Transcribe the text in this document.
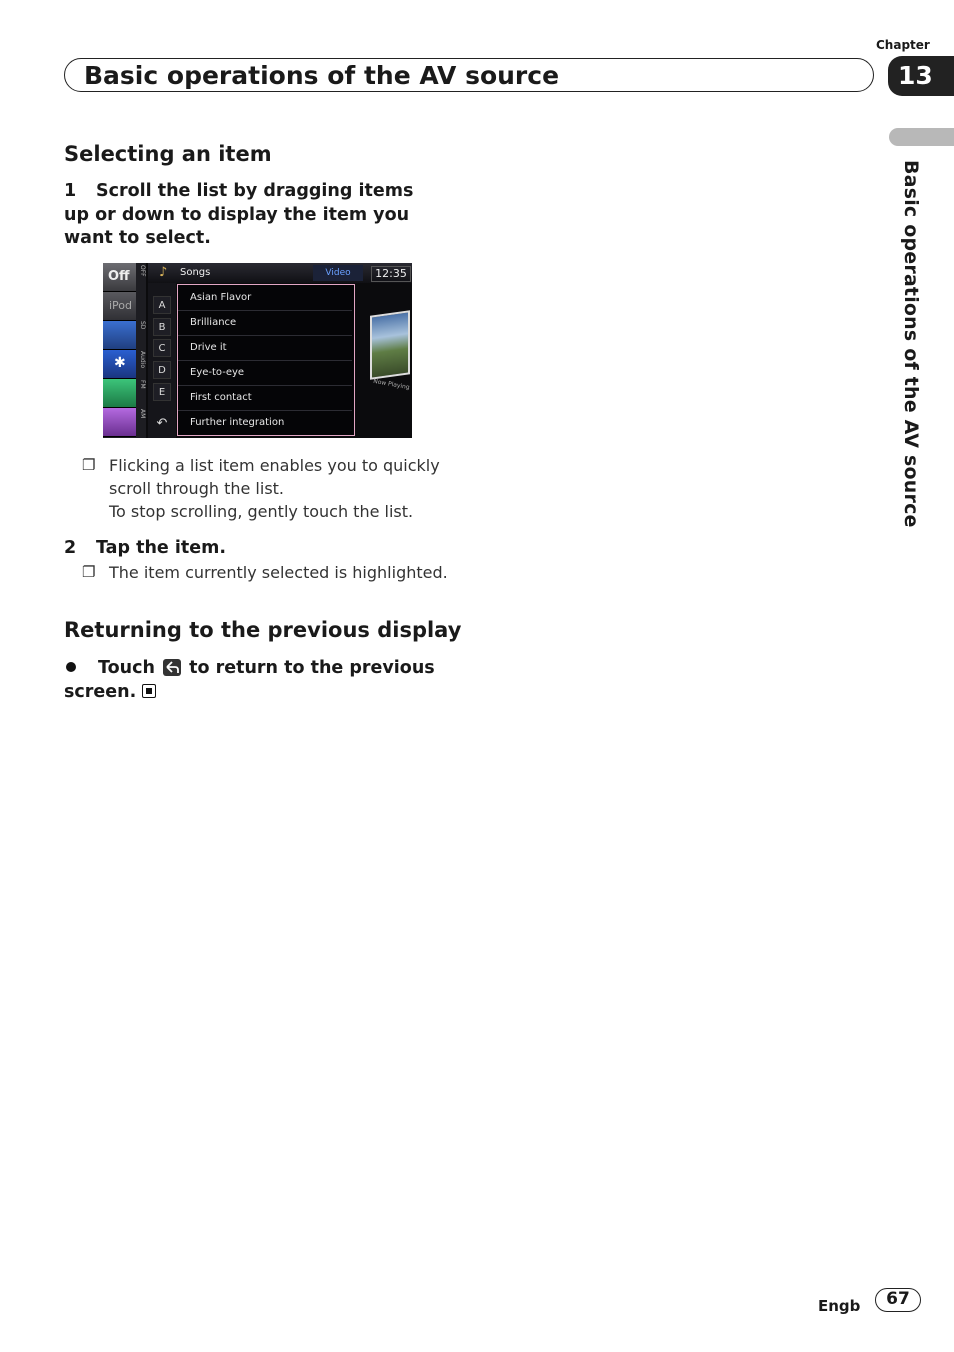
Chapter
13
Basic operations of the AV source
Basic operations of the AV source
Selecting an item
1 Scroll the list by dragging items up or down to display the item you want to select.
Off
iPod
✱
OFF
SD
Audio
FM
AM
♪ Songs	Video	12:35
A
B
C
D
E
↶
Asian Flavor
Brilliance
Drive it
Eye-to-eye
First contact
Further integration
Now Playing
❐ Flicking a list item enables you to quickly scroll through the list.
To stop scrolling, gently touch the list.
2 Tap the item.
❐ The item currently selected is highlighted.
Returning to the previous display
Touch to return to the previous screen.
Engb	67
